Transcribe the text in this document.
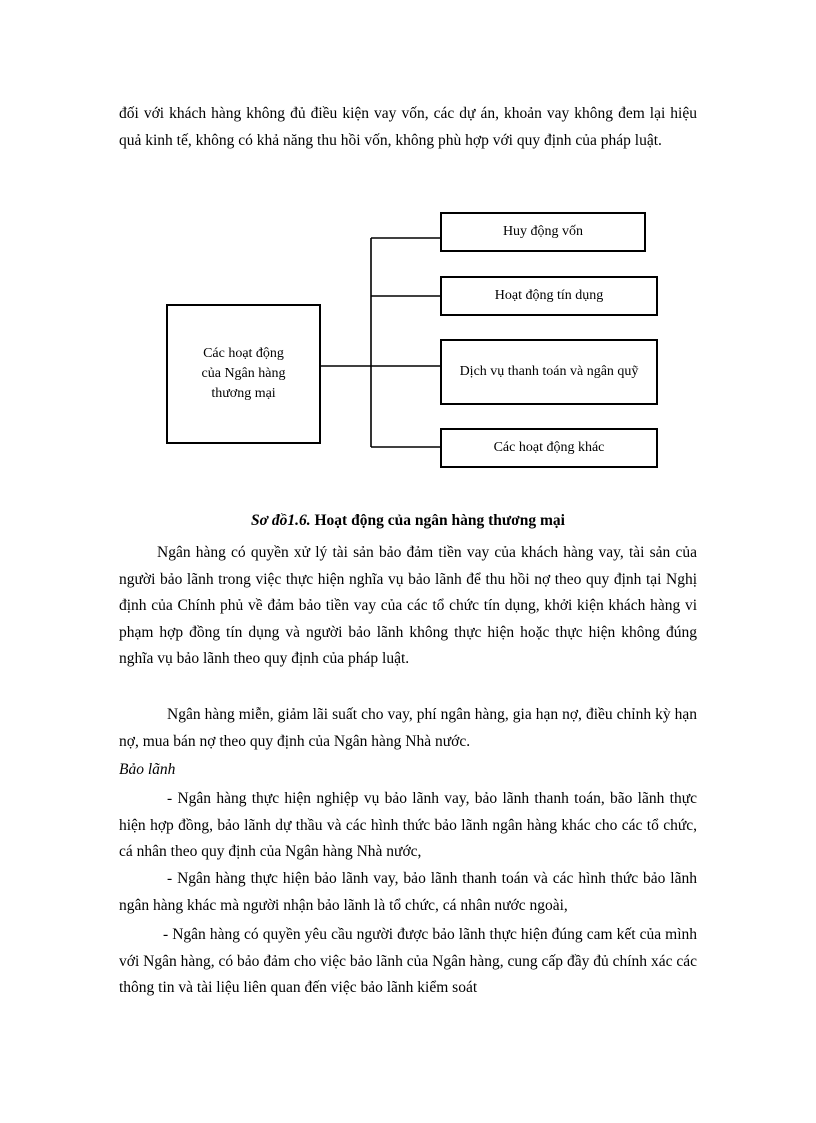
đối với khách hàng không đủ điều kiện vay vốn, các dự án, khoản vay không đem lại hiệu quả kinh tế, không có khả năng thu hồi vốn, không phù hợp với quy định của pháp luật.

Các hoạt động
của Ngân hàng
thương mại
Huy động vốn
Hoạt động tín dụng
Dịch vụ thanh toán và ngân quỹ
Các hoạt động khác

Sơ đồ1.6. Hoạt động của ngân hàng thương mại

Ngân hàng có quyền xử lý tài sản bảo đảm tiền vay của khách hàng vay, tài sản của người bảo lãnh trong việc thực hiện nghĩa vụ bảo lãnh để thu hồi nợ theo quy định tại Nghị định của Chính phủ về đảm bảo tiền vay của các tổ chức tín dụng, khởi kiện khách hàng vi phạm hợp đồng tín dụng và người bảo lãnh không thực hiện hoặc thực hiện không đúng nghĩa vụ bảo lãnh theo quy định của pháp luật.

Ngân hàng miễn, giảm lãi suất cho vay, phí ngân hàng, gia hạn nợ, điều chỉnh kỳ hạn nợ, mua bán nợ theo quy định của Ngân hàng Nhà nước.

Bảo lãnh

- Ngân hàng thực hiện nghiệp vụ bảo lãnh vay, bảo lãnh thanh toán, bão lãnh thực hiện hợp đồng, bảo lãnh dự thầu và các hình thức bảo lãnh ngân hàng khác cho các tổ chức, cá nhân theo quy định của Ngân hàng Nhà nước,

- Ngân hàng thực hiện bảo lãnh vay, bảo lãnh thanh toán và các hình thức bảo lãnh ngân hàng khác mà người nhận bảo lãnh là tổ chức, cá nhân nước ngoài,

- Ngân hàng có quyền yêu cầu người được bảo lãnh thực hiện đúng cam kết của mình với Ngân hàng, có bảo đảm cho việc bảo lãnh của Ngân hàng, cung cấp đầy đủ chính xác các thông tin và tài liệu liên quan đến việc bảo lãnh kiểm soát
